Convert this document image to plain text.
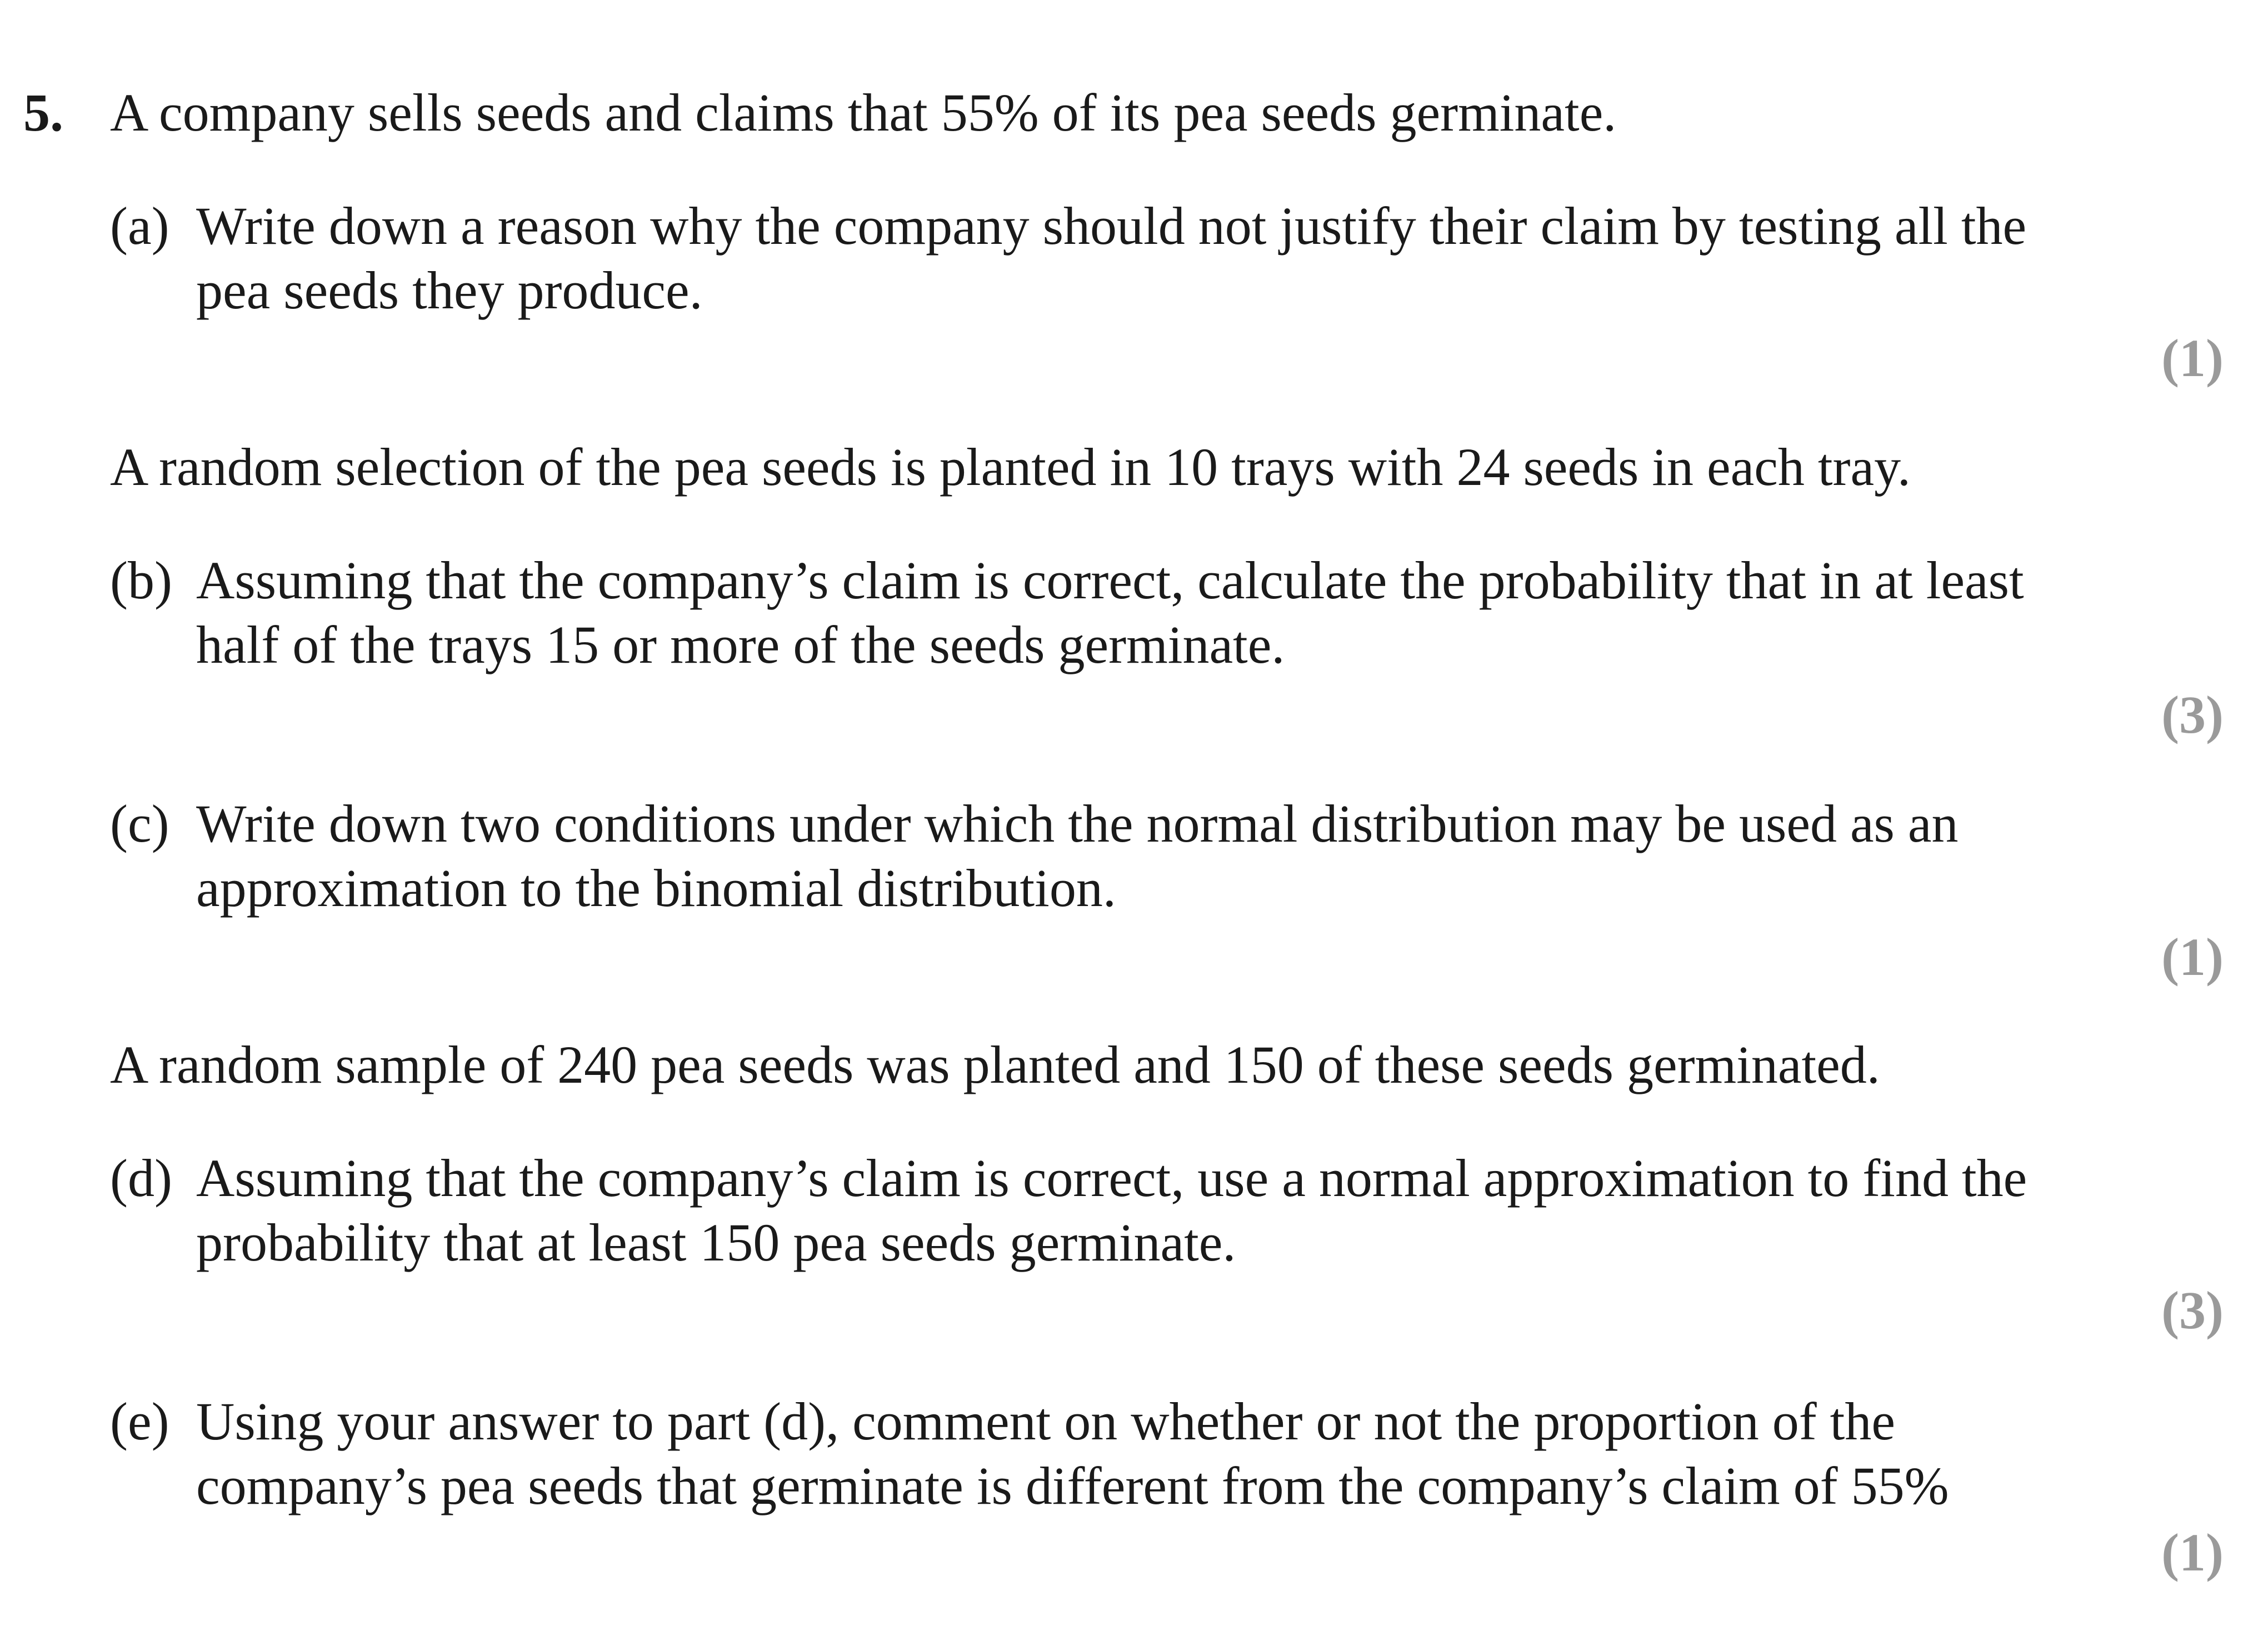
5. A company sells seeds and claims that 55% of its pea seeds germinate.
(a) Write down a reason why the company should not justify their claim by testing all the
pea seeds they produce.
(1)
A random selection of the pea seeds is planted in 10 trays with 24 seeds in each tray.
(b) Assuming that the company’s claim is correct, calculate the probability that in at least
half of the trays 15 or more of the seeds germinate.
(3)
(c) Write down two conditions under which the normal distribution may be used as an
approximation to the binomial distribution.
(1)
A random sample of 240 pea seeds was planted and 150 of these seeds germinated.
(d) Assuming that the company’s claim is correct, use a normal approximation to find the
probability that at least 150 pea seeds germinate.
(3)
(e) Using your answer to part (d), comment on whether or not the proportion of the
company’s pea seeds that germinate is different from the company’s claim of 55%
(1)
